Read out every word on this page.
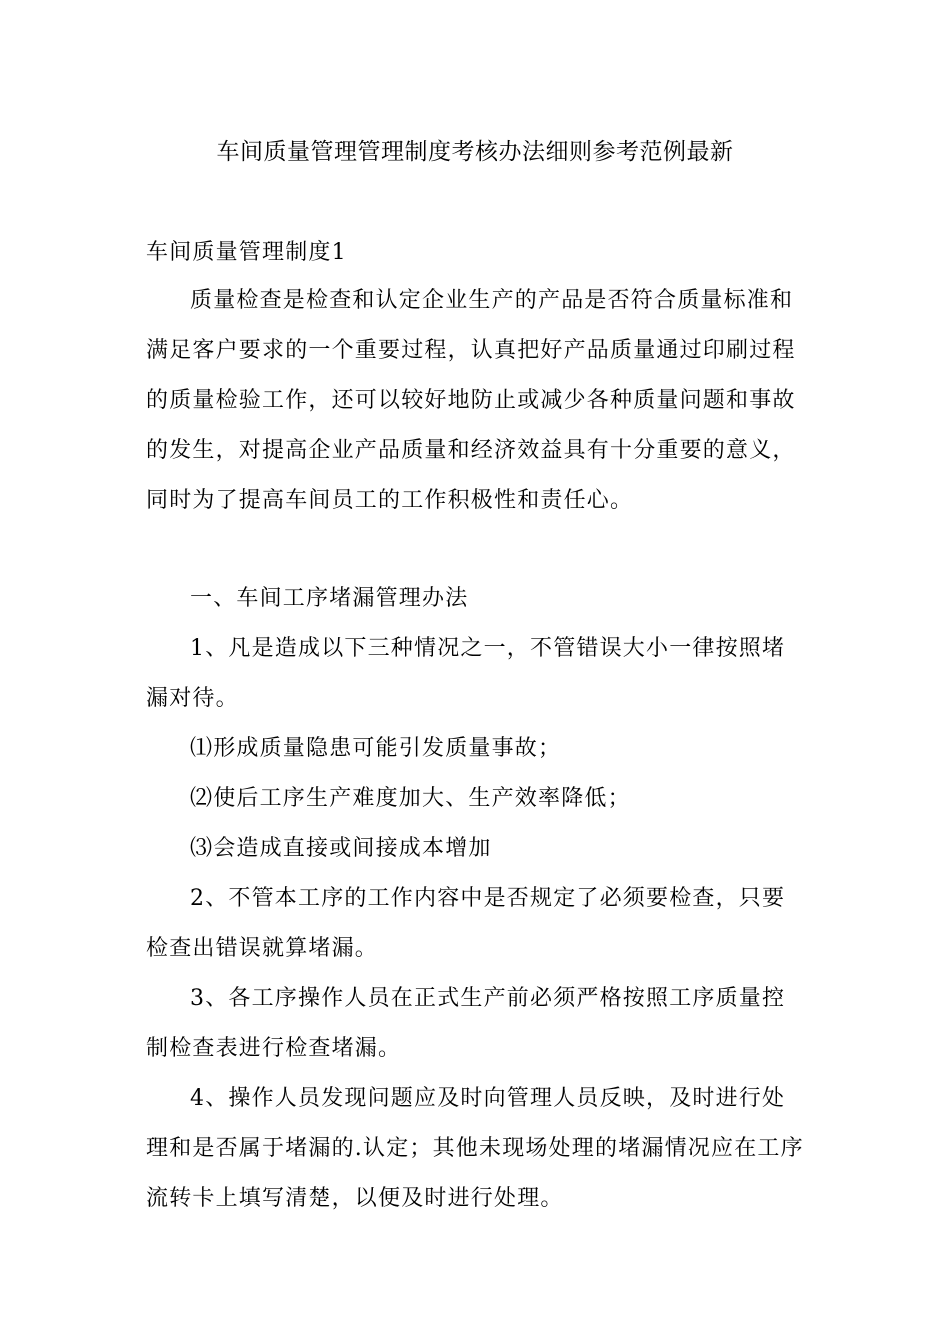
车间质量管理管理制度考核办法细则参考范例最新

车间质量管理制度1

质量检查是检查和认定企业生产的产品是否符合质量标准和满足客户要求的一个重要过程，认真把好产品质量通过印刷过程的质量检验工作，还可以较好地防止或减少各种质量问题和事故的发生，对提高企业产品质量和经济效益具有十分重要的意义，同时为了提高车间员工的工作积极性和责任心。

一、车间工序堵漏管理办法

1、凡是造成以下三种情况之一，不管错误大小一律按照堵漏对待。

⑴形成质量隐患可能引发质量事故；

⑵使后工序生产难度加大、生产效率降低；

⑶会造成直接或间接成本增加

2、不管本工序的工作内容中是否规定了必须要检查，只要检查出错误就算堵漏。

3、各工序操作人员在正式生产前必须严格按照工序质量控制检查表进行检查堵漏。

4、操作人员发现问题应及时向管理人员反映，及时进行处理和是否属于堵漏的.认定；其他未现场处理的堵漏情况应在工序流转卡上填写清楚，以便及时进行处理。
